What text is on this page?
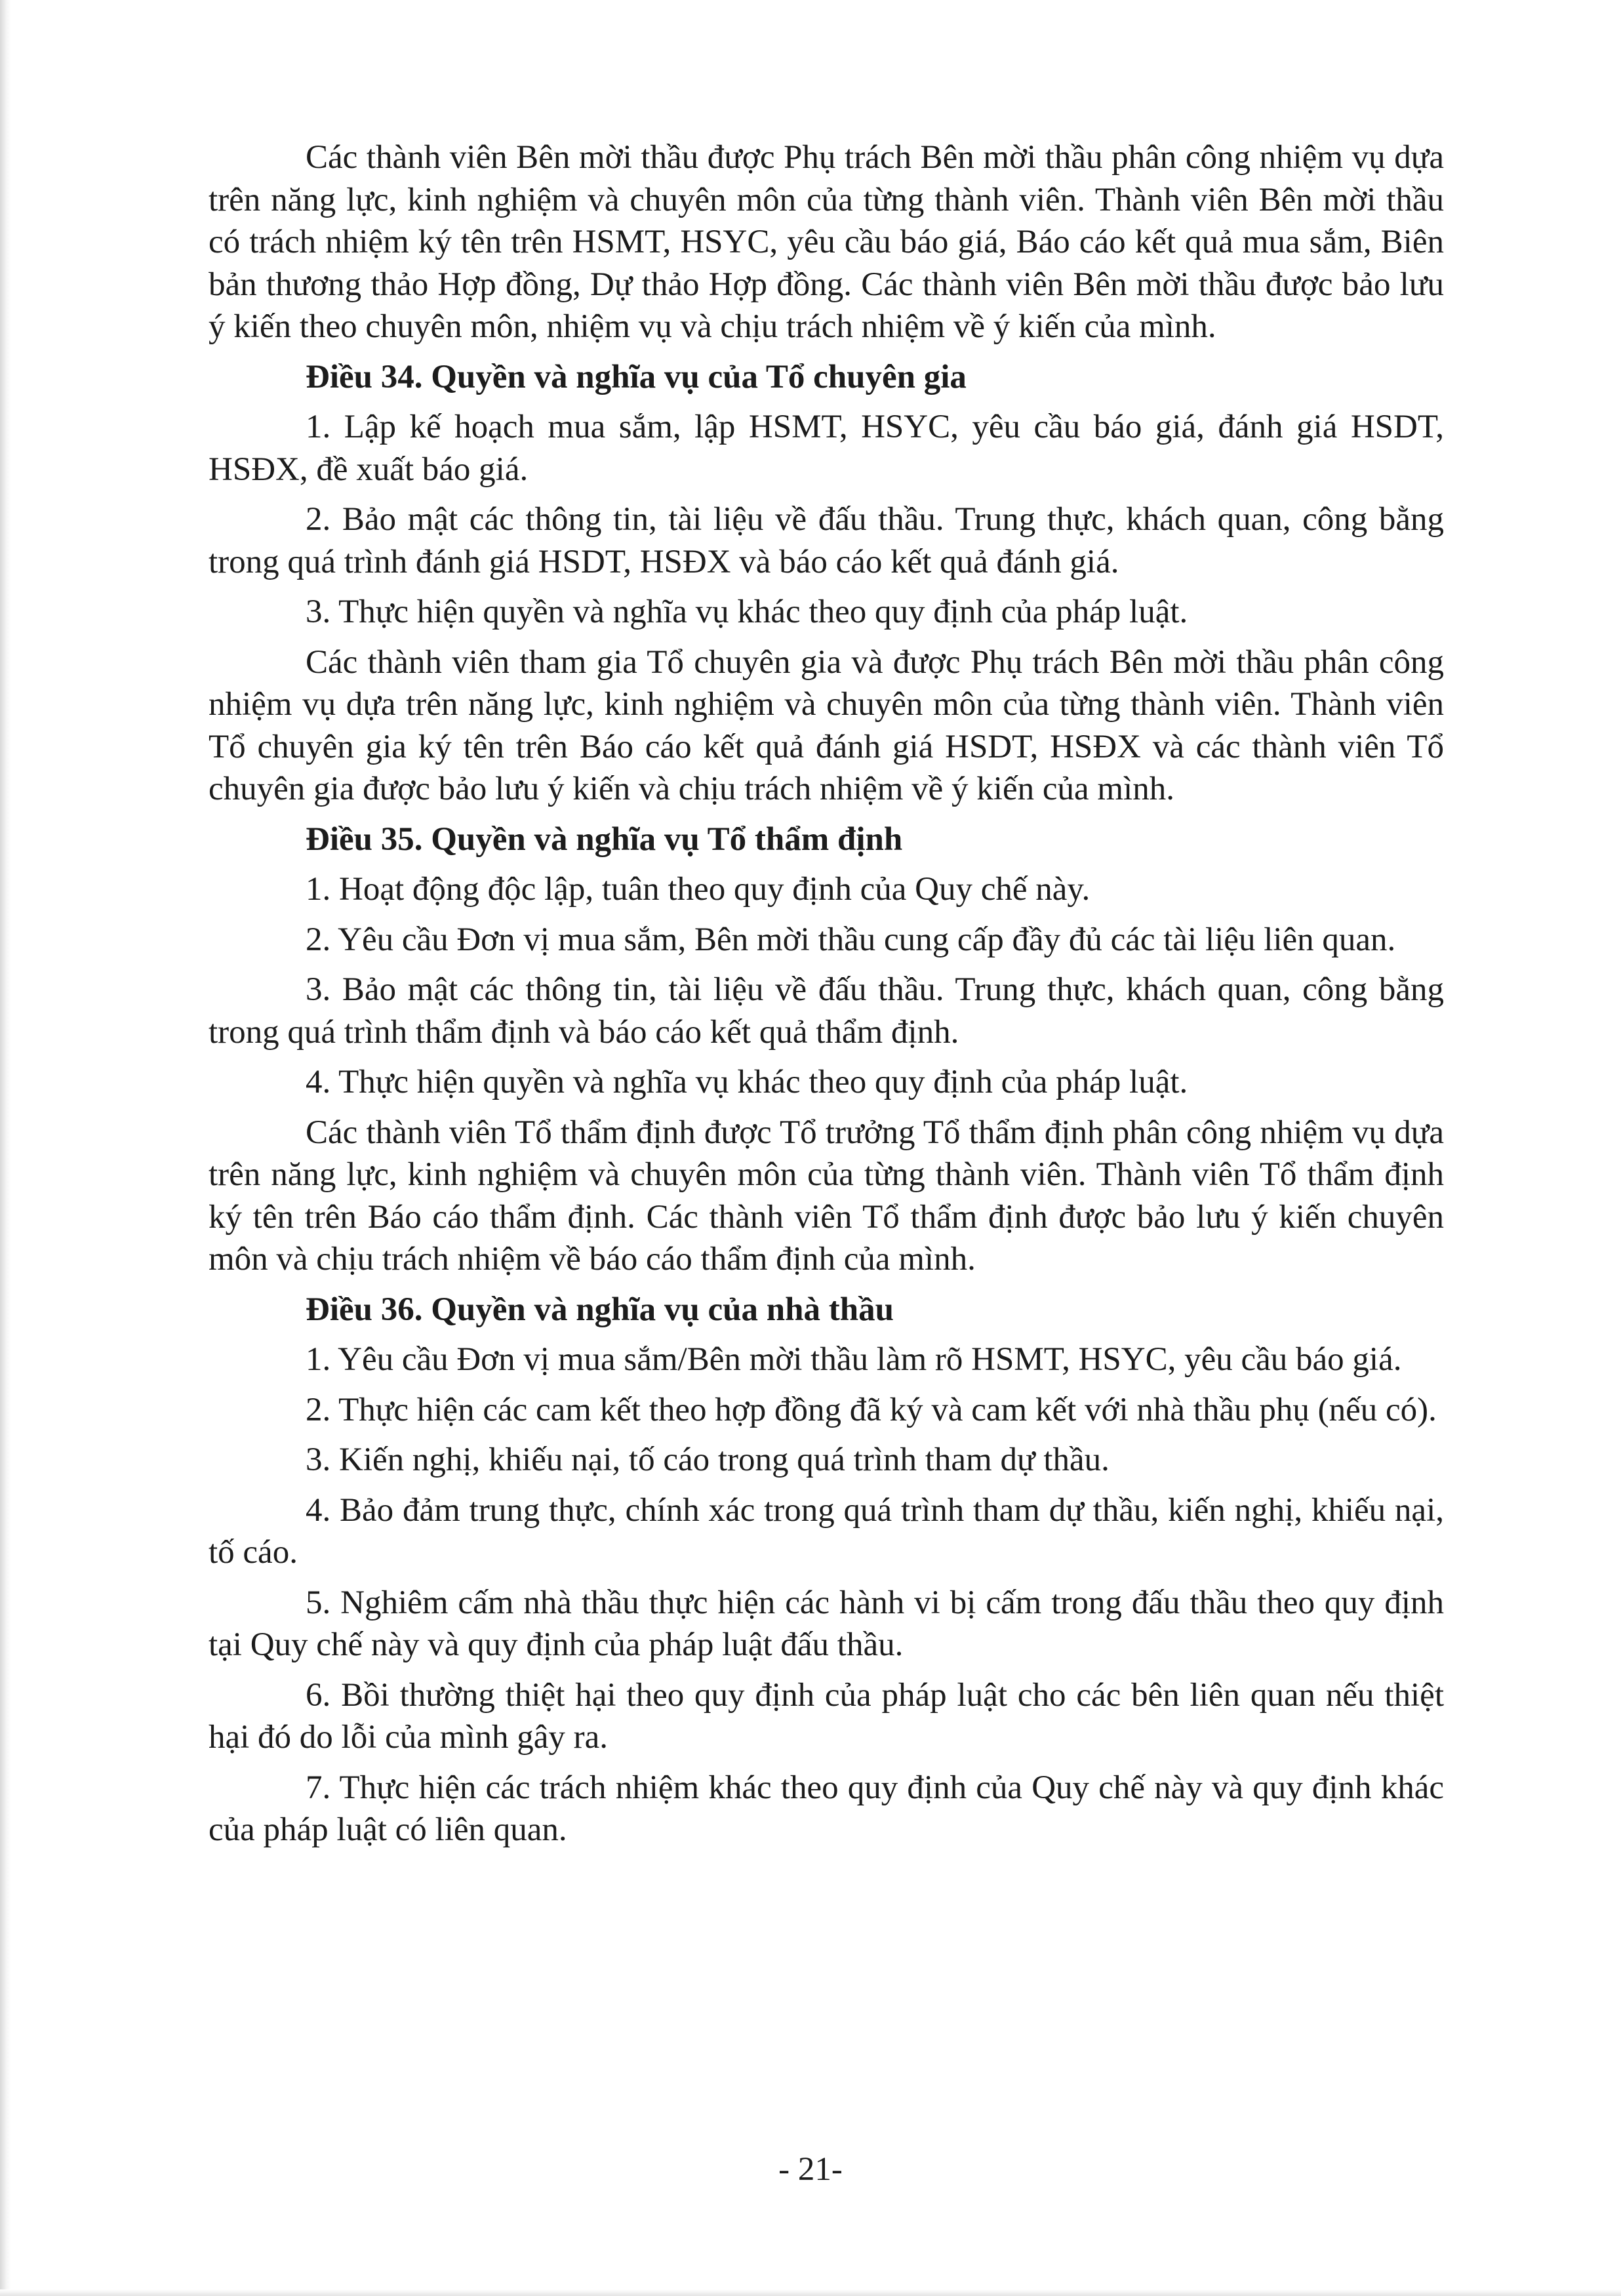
Các thành viên Bên mời thầu được Phụ trách Bên mời thầu phân công nhiệm vụ dựa trên năng lực, kinh nghiệm và chuyên môn của từng thành viên. Thành viên Bên mời thầu có trách nhiệm ký tên trên HSMT, HSYC, yêu cầu báo giá, Báo cáo kết quả mua sắm, Biên bản thương thảo Hợp đồng, Dự thảo Hợp đồng. Các thành viên Bên mời thầu được bảo lưu ý kiến theo chuyên môn, nhiệm vụ và chịu trách nhiệm về ý kiến của mình.

Điều 34. Quyền và nghĩa vụ của Tổ chuyên gia

1. Lập kế hoạch mua sắm, lập HSMT, HSYC, yêu cầu báo giá, đánh giá HSDT, HSĐX, đề xuất báo giá.

2. Bảo mật các thông tin, tài liệu về đấu thầu. Trung thực, khách quan, công bằng trong quá trình đánh giá HSDT, HSĐX và báo cáo kết quả đánh giá.

3. Thực hiện quyền và nghĩa vụ khác theo quy định của pháp luật.

Các thành viên tham gia Tổ chuyên gia và được Phụ trách Bên mời thầu phân công nhiệm vụ dựa trên năng lực, kinh nghiệm và chuyên môn của từng thành viên. Thành viên Tổ chuyên gia ký tên trên Báo cáo kết quả đánh giá HSDT, HSĐX và các thành viên Tổ chuyên gia được bảo lưu ý kiến và chịu trách nhiệm về ý kiến của mình.

Điều 35. Quyền và nghĩa vụ Tổ thẩm định

1. Hoạt động độc lập, tuân theo quy định của Quy chế này.

2. Yêu cầu Đơn vị mua sắm, Bên mời thầu cung cấp đầy đủ các tài liệu liên quan.

3. Bảo mật các thông tin, tài liệu về đấu thầu. Trung thực, khách quan, công bằng trong quá trình thẩm định và báo cáo kết quả thẩm định.

4. Thực hiện quyền và nghĩa vụ khác theo quy định của pháp luật.

Các thành viên Tổ thẩm định được Tổ trưởng Tổ thẩm định phân công nhiệm vụ dựa trên năng lực, kinh nghiệm và chuyên môn của từng thành viên. Thành viên Tổ thẩm định ký tên trên Báo cáo thẩm định. Các thành viên Tổ thẩm định được bảo lưu ý kiến chuyên môn và chịu trách nhiệm về báo cáo thẩm định của mình.

Điều 36. Quyền và nghĩa vụ của nhà thầu

1. Yêu cầu Đơn vị mua sắm/Bên mời thầu làm rõ HSMT, HSYC, yêu cầu báo giá.

2. Thực hiện các cam kết theo hợp đồng đã ký và cam kết với nhà thầu phụ (nếu có).

3. Kiến nghị, khiếu nại, tố cáo trong quá trình tham dự thầu.

4. Bảo đảm trung thực, chính xác trong quá trình tham dự thầu, kiến nghị, khiếu nại, tố cáo.

5. Nghiêm cấm nhà thầu thực hiện các hành vi bị cấm trong đấu thầu theo quy định tại Quy chế này và quy định của pháp luật đấu thầu.

6. Bồi thường thiệt hại theo quy định của pháp luật cho các bên liên quan nếu thiệt hại đó do lỗi của mình gây ra.

7. Thực hiện các trách nhiệm khác theo quy định của Quy chế này và quy định khác của pháp luật có liên quan.

- 21-
